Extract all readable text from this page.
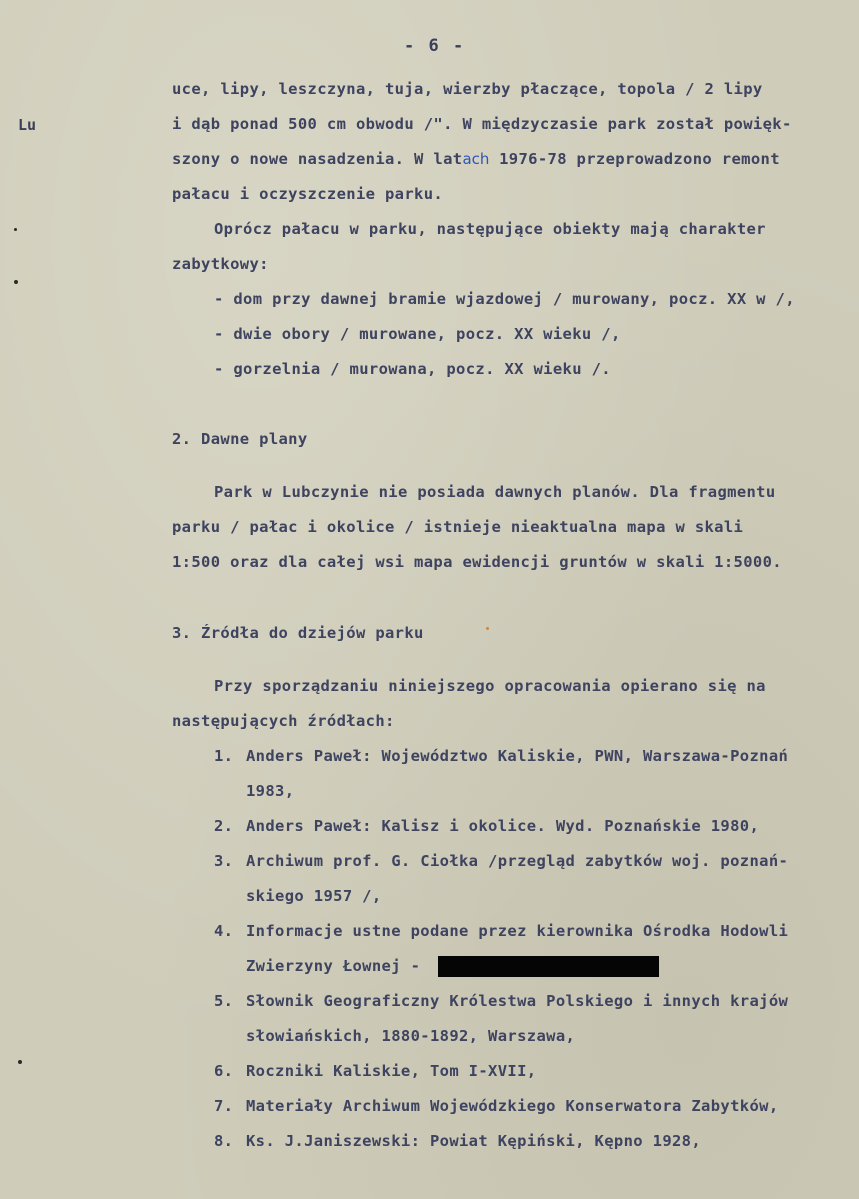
- 6 -
Lu
uce, lipy, leszczyna, tuja, wierzby płaczące, topola / 2 lipy
i dąb ponad 500 cm obwodu /". W międzyczasie park został powięk-
szony o nowe nasadzenia. W latach 1976-78 przeprowadzono remont
pałacu i oczyszczenie parku.
Oprócz pałacu w parku, następujące obiekty mają charakter
zabytkowy:
- dom przy dawnej bramie wjazdowej / murowany, pocz. XX w /,
- dwie obory / murowane, pocz. XX wieku /,
- gorzelnia / murowana, pocz. XX wieku /.
2. Dawne plany
Park w Lubczynie nie posiada dawnych planów. Dla fragmentu
parku / pałac i okolice / istnieje nieaktualna mapa w skali
1:500 oraz dla całej wsi mapa ewidencji gruntów w skali 1:5000.
3. Źródła do dziejów parku
Przy sporządzaniu niniejszego opracowania opierano się na
następujących źródłach:
1. Anders Paweł: Województwo Kaliskie, PWN, Warszawa-Poznań
1983,
2. Anders Paweł: Kalisz i okolice. Wyd. Poznańskie 1980,
3. Archiwum prof. G. Ciołka /przegląd zabytków woj. poznań-
skiego 1957 /,
4. Informacje ustne podane przez kierownika Ośrodka Hodowli
Zwierzyny Łownej -
5. Słownik Geograficzny Królestwa Polskiego i innych krajów
słowiańskich, 1880-1892, Warszawa,
6. Roczniki Kaliskie, Tom I-XVII,
7. Materiały Archiwum Wojewódzkiego Konserwatora Zabytków,
8. Ks. J.Janiszewski: Powiat Kępiński, Kępno 1928,
